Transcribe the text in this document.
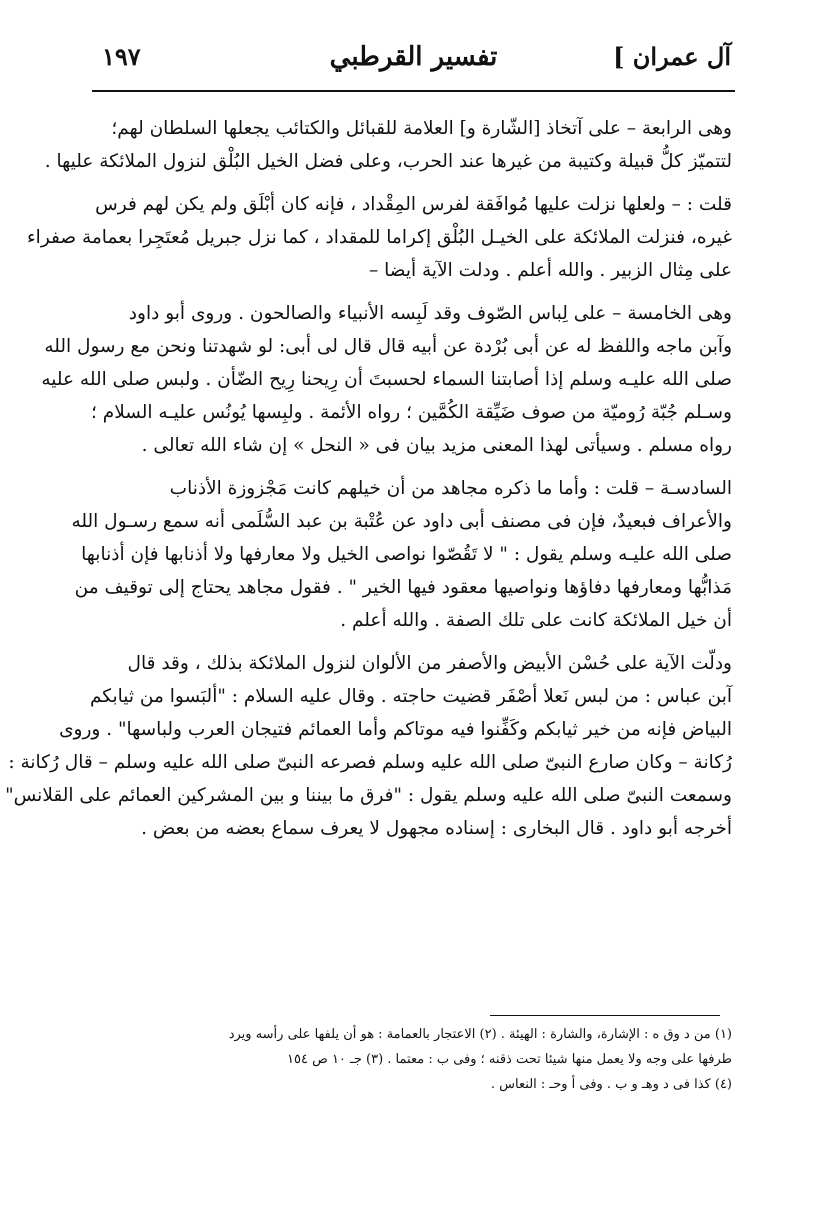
آل عمران ]
تفسير القرطبي
١٩٧
وهى الرابعة – على آتخاذ [الشّارة و] العلامة للقبائل والكتائب يجعلها السلطان لهم؛
لتتميّز كلُّ قبيلة وكتيبة من غيرها عند الحرب، وعلى فضل الخيل البُلْق لنزول الملائكة عليها .
قلت : – ولعلها نزلت عليها مُوافَقة لفرس المِقْداد ، فإنه كان أبْلَق ولم يكن لهم فرس
غيره، فنزلت الملائكة على الخيـل البُلْق إكراما للمقداد ، كما نزل جبريل مُعتَجِرا بعمامة صفراء
على مِثال الزبير . والله أعلم . ودلت الآية أيضا –
وهى الخامسة – على لِباس الصّوف وقد لَبِسه الأنبياء والصالحون . وروى أبو داود
وآبن ماجه واللفظ له عن أبى بُرْدة عن أبيه قال قال لى أبى: لو شهدتنا ونحن مع رسول الله
صلى الله عليـه وسلم إذا أصابتنا السماء لحسبتَ أن رِيحنا رِيح الضّأن . ولبس صلى الله عليه
وسـلم جُبّة رُوميّة من صوف ضَيِّقة الكُمَّين ؛ رواه الأئمة . ولبِسها يُونُس عليـه السلام ؛
رواه مسلم . وسيأتى لهذا المعنى مزيد بيان فى « النحل » إن شاء الله تعالى .
السادسـة – قلت : وأما ما ذكره مجاهد من أن خيلهم كانت مَجْزوزة الأذناب
والأعراف فبعيدٌ، فإن فى مصنف أبى داود عن عُتْبة بن عبد السُّلَمى أنه سمع رسـول الله
صلى الله عليـه وسلم يقول : " لا تَقُصّوا نواصى الخيل ولا معارفها ولا أذنابها فإن أذنابها
مَذابُّها ومعارفها دفاؤها ونواصيها معقود فيها الخير " . فقول مجاهد يحتاج إلى توقيف من
أن خيل الملائكة كانت على تلك الصفة . والله أعلم .
ودلّت الآية على حُسْن الأبيض والأصفر من الألوان لنزول الملائكة بذلك ، وقد قال
آبن عباس : من لبس نَعلا أصْفَر قضيت حاجته . وقال عليه السلام : "ألبَسوا من ثيابكم
البياض فإنه من خير ثيابكم وكَفِّنوا فيه موتاكم وأما العمائم فتيجان العرب ولباسها" . وروى
رُكانة – وكان صارع النبىّ صلى الله عليه وسلم فصرعه النبىّ صلى الله عليه وسلم – قال رُكانة :
وسمعت النبىّ صلى الله عليه وسلم يقول : "فرق ما بيننا و بين المشركين العمائم على القلانس"
أخرجه أبو داود . قال البخارى : إسناده مجهول لا يعرف سماع بعضه من بعض .
(١) من د وق ه : الإشارة، والشارة : الهيئة . (٢) الاعتجار بالعمامة : هو أن يلفها على رأسه ويرد
طرفها على وجه ولا يعمل منها شيئا تحت ذقنه ؛ وفى ب : معتما . (٣) جـ ١٠ ص ١٥٤
(٤) كذا فى د وهـ و ب . وفى أ وحـ : النعاس .
